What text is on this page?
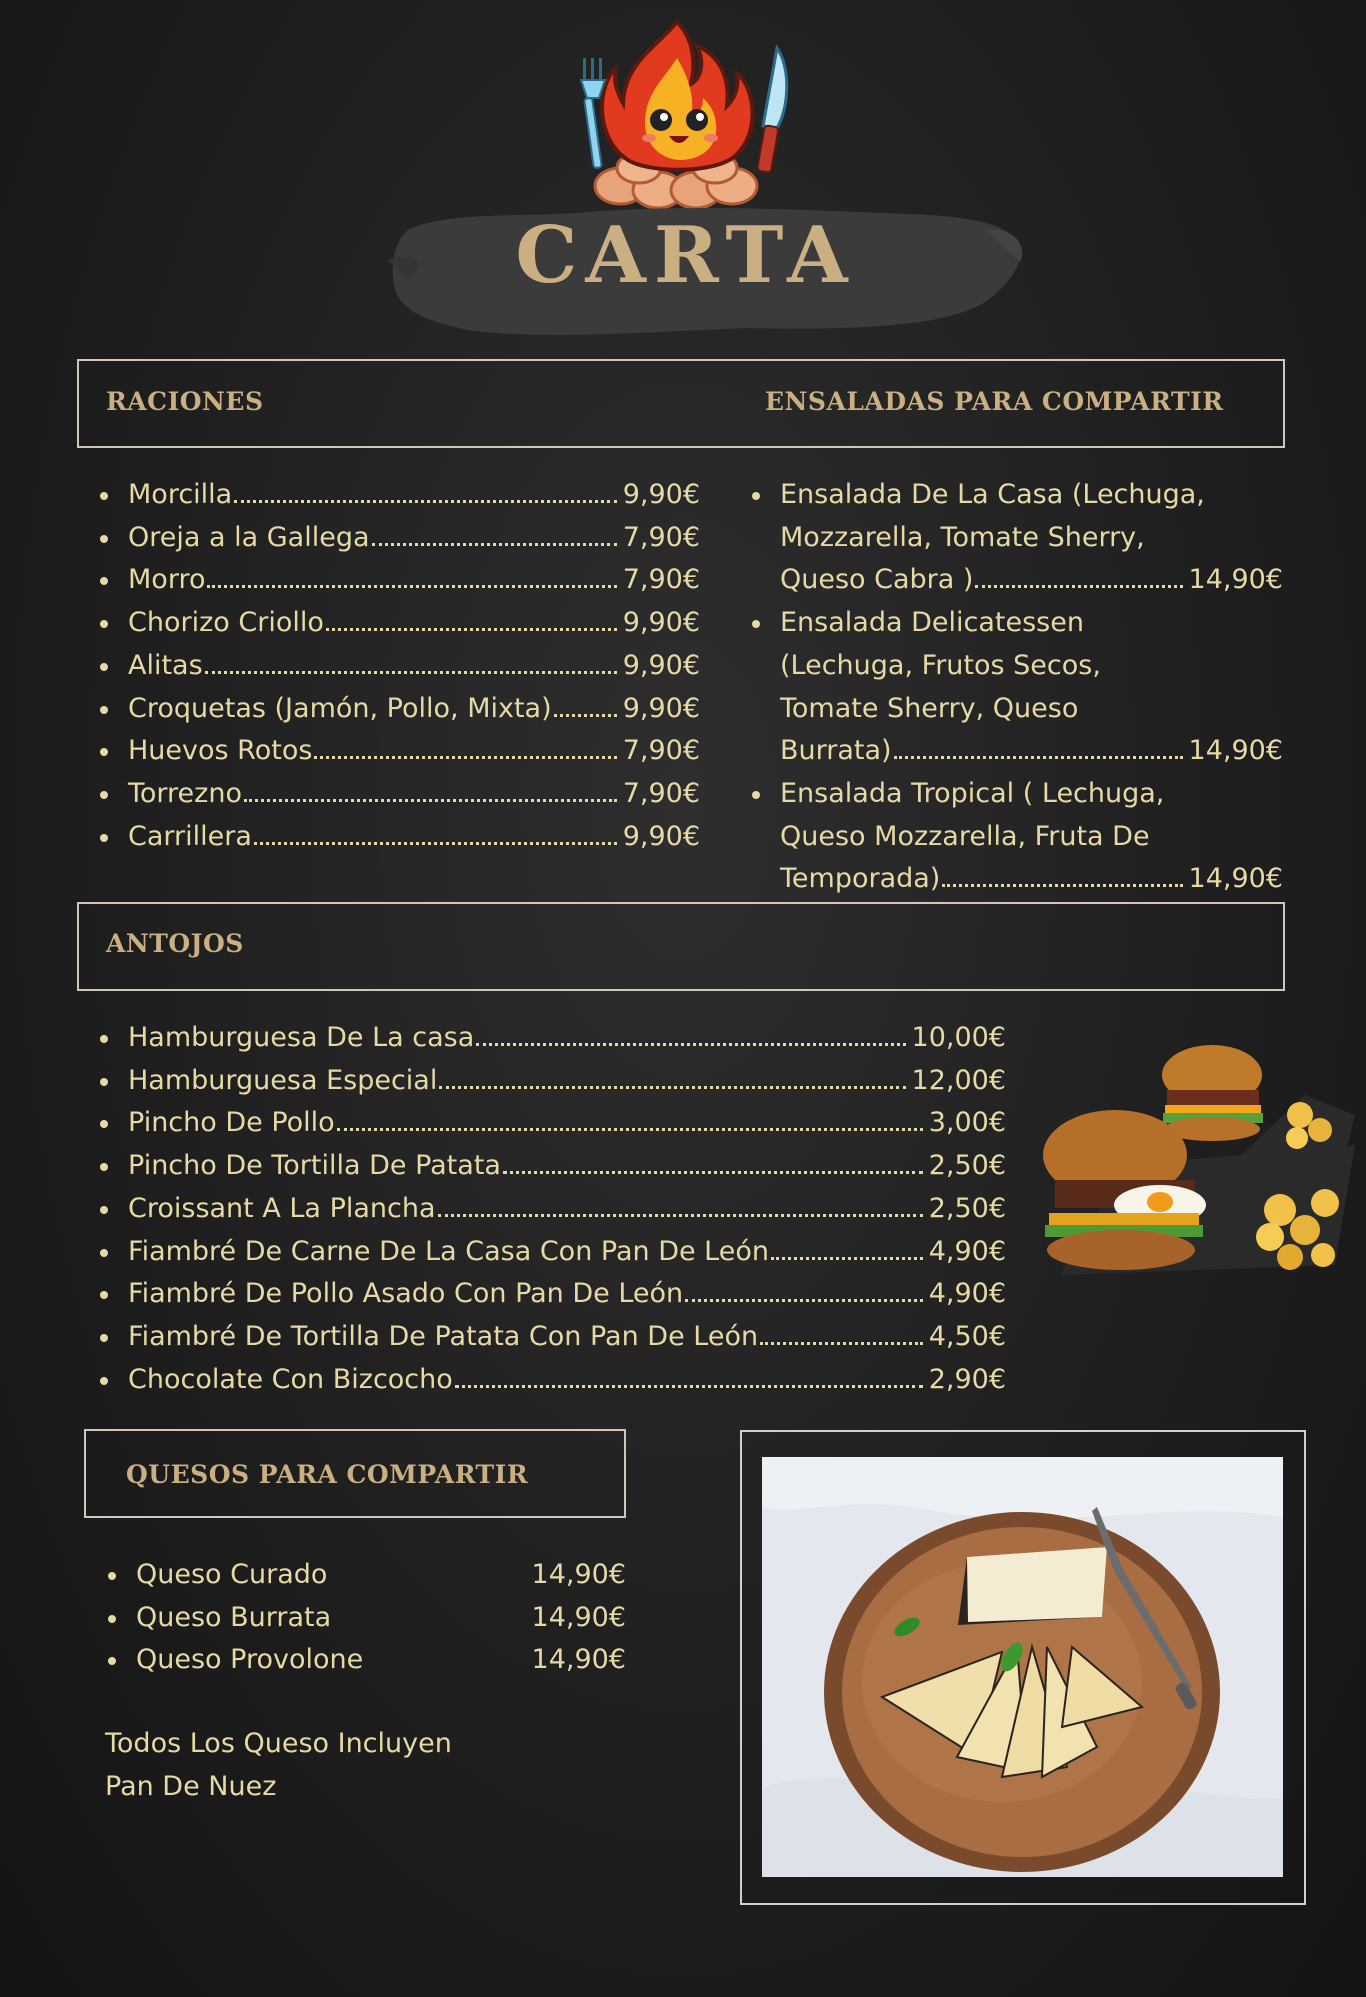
CARTA
RACIONES	ENSALADAS PARA COMPARTIR
Morcilla	9,90€
Oreja a la Gallega	7,90€
Morro	7,90€
Chorizo Criollo	9,90€
Alitas	9,90€
Croquetas (Jamón, Pollo, Mixta)	9,90€
Huevos Rotos	7,90€
Torrezno	7,90€
Carrillera	9,90€
Ensalada De La Casa (Lechuga,
Mozzarella, Tomate Sherry,
Queso Cabra )	14,90€
Ensalada Delicatessen
(Lechuga, Frutos Secos,
Tomate Sherry, Queso
Burrata)	14,90€
Ensalada Tropical ( Lechuga,
Queso Mozzarella, Fruta De
Temporada)	14,90€
ANTOJOS
Hamburguesa De La casa	10,00€
Hamburguesa Especial	12,00€
Pincho De Pollo	3,00€
Pincho De Tortilla De Patata	2,50€
Croissant A La Plancha	2,50€
Fiambré De Carne De La Casa Con Pan De León	4,90€
Fiambré De Pollo Asado Con Pan De León	4,90€
Fiambré De Tortilla De Patata Con Pan De León	4,50€
Chocolate Con Bizcocho	2,90€
QUESOS PARA COMPARTIR
Queso Curado	14,90€
Queso Burrata	14,90€
Queso Provolone	14,90€
Todos Los Queso Incluyen
Pan De Nuez
